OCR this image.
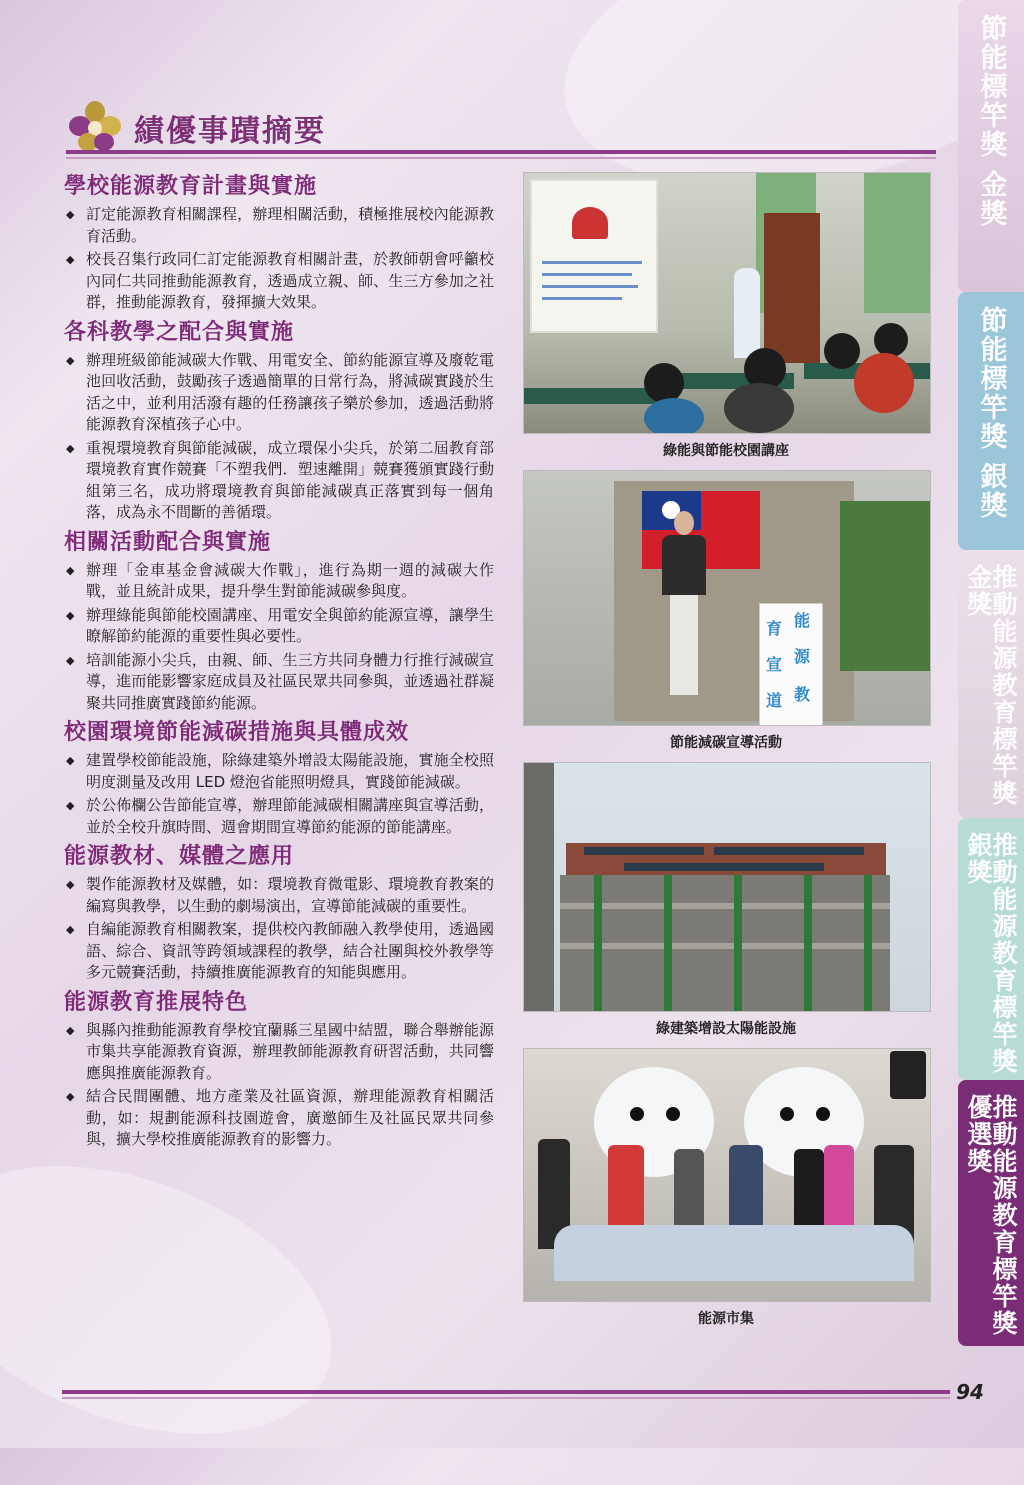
績優事蹟摘要
學校能源教育計畫與實施
◆ 訂定能源教育相關課程，辦理相關活動，積極推展校內能源教育活動。
◆ 校長召集行政同仁訂定能源教育相關計畫，於教師朝會呼籲校內同仁共同推動能源教育，透過成立親、師、生三方參加之社群，推動能源教育，發揮擴大效果。
各科教學之配合與實施
◆ 辦理班級節能減碳大作戰、用電安全、節約能源宣導及廢乾電池回收活動，鼓勵孩子透過簡單的日常行為，將減碳實踐於生活之中，並利用活潑有趣的任務讓孩子樂於參加，透過活動將能源教育深植孩子心中。
◆ 重視環境教育與節能減碳，成立環保小尖兵，於第二屆教育部環境教育實作競賽「不塑我們．塑速離開」競賽獲頒實踐行動組第三名，成功將環境教育與節能減碳真正落實到每一個角落，成為永不間斷的善循環。
相關活動配合與實施
◆ 辦理「金車基金會減碳大作戰」，進行為期一週的減碳大作戰，並且統計成果，提升學生對節能減碳參與度。
◆ 辦理綠能與節能校園講座、用電安全與節約能源宣導，讓學生瞭解節約能源的重要性與必要性。
◆ 培訓能源小尖兵，由親、師、生三方共同身體力行推行減碳宣導，進而能影響家庭成員及社區民眾共同參與，並透過社群凝聚共同推廣實踐節約能源。
校園環境節能減碳措施與具體成效
◆ 建置學校節能設施，除綠建築外增設太陽能設施，實施全校照明度測量及改用 LED 燈泡省能照明燈具，實踐節能減碳。
◆ 於公佈欄公告節能宣導，辦理節能減碳相關講座與宣導活動，並於全校升旗時間、週會期間宣導節約能源的節能講座。
能源教材、媒體之應用
◆ 製作能源教材及媒體，如：環境教育微電影、環境教育教案的編寫與教學，以生動的劇場演出，宣導節能減碳的重要性。
◆ 自編能源教育相關教案，提供校內教師融入教學使用，透過國語、綜合、資訊等跨領域課程的教學，結合社團與校外教學等多元競賽活動，持續推廣能源教育的知能與應用。
能源教育推展特色
◆ 與縣內推動能源教育學校宜蘭縣三星國中結盟，聯合舉辦能源市集共享能源教育資源，辦理教師能源教育研習活動，共同響應與推廣能源教育。
◆ 結合民間團體、地方產業及社區資源，辦理能源教育相關活動，如：規劃能源科技園遊會，廣邀師生及社區民眾共同參與，擴大學校推廣能源教育的影響力。
綠能與節能校園講座
育 能
宣 源
道 教
節能減碳宣導活動
綠建築增設太陽能設施
能源市集
節能標竿獎 金獎
節能標竿獎 銀獎
推動能源教育標竿獎 金獎
推動能源教育標竿獎 銀獎
推動能源教育標竿獎 優選獎
94
